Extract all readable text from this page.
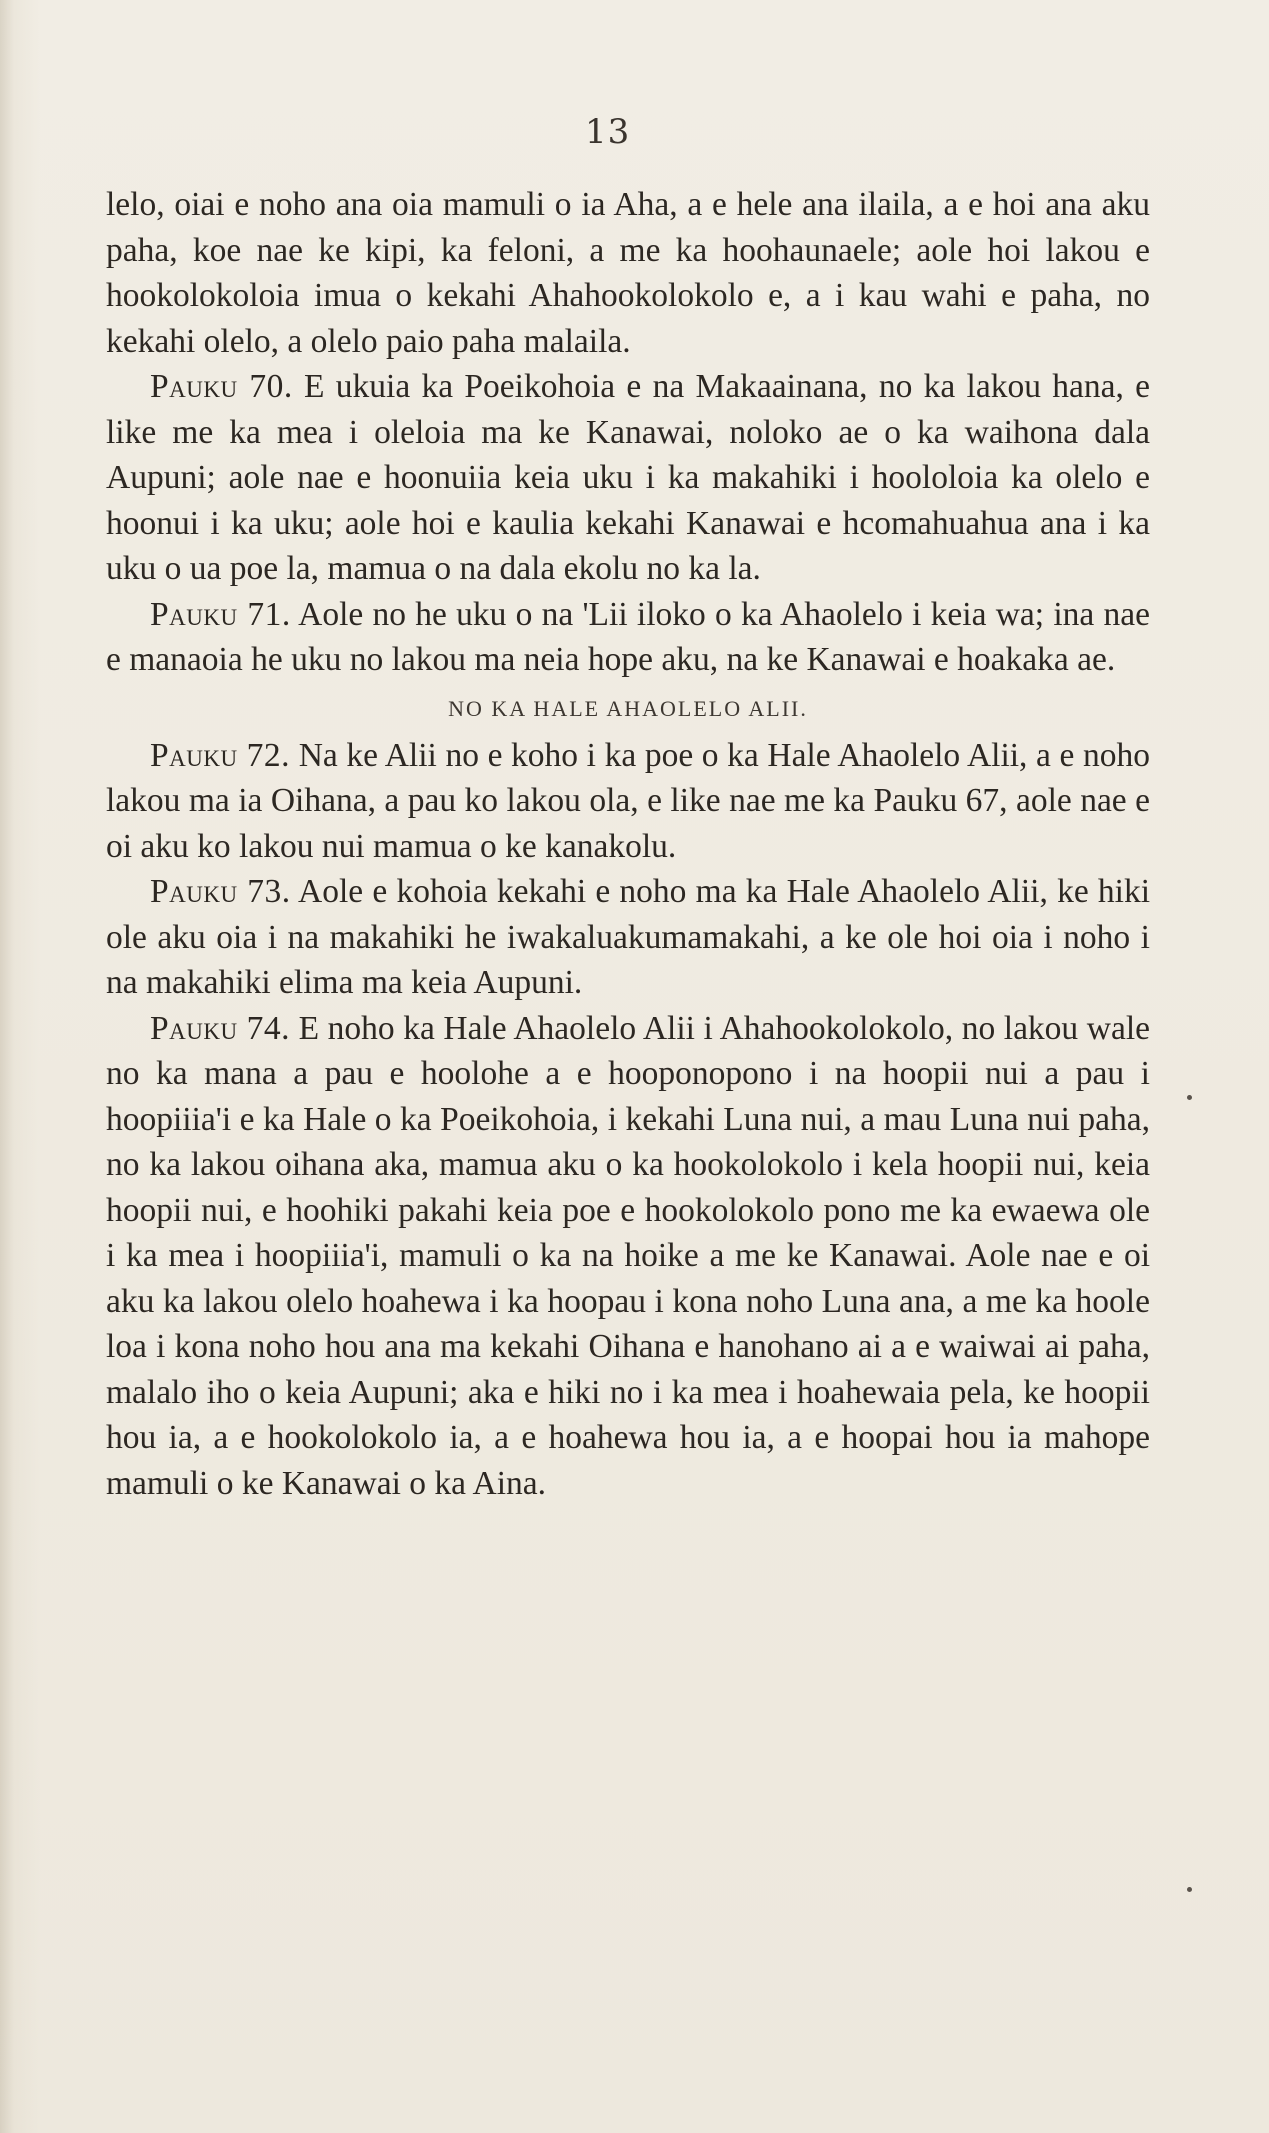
13

lelo, oiai e noho ana oia mamuli o ia Aha, a e hele ana ilaila, a e hoi ana aku paha, koe nae ke kipi, ka feloni, a me ka hoohaunaele; aole hoi lakou e hookolokoloia imua o kekahi Ahahookolokolo e, a i kau wahi e paha, no kekahi olelo, a olelo paio paha malaila.

Pauku 70. E ukuia ka Poeikohoia e na Makaainana, no ka lakou hana, e like me ka mea i oleloia ma ke Kanawai, noloko ae o ka waihona dala Aupuni; aole nae e hoonuiia keia uku i ka makahiki i hoololoia ka olelo e hoonui i ka uku; aole hoi e kaulia kekahi Kanawai e hcomahuahua ana i ka uku o ua poe la, mamua o na dala ekolu no ka la.

Pauku 71. Aole no he uku o na 'Lii iloko o ka Ahaolelo i keia wa; ina nae e manaoia he uku no lakou ma neia hope aku, na ke Kanawai e hoakaka ae.

NO KA HALE AHAOLELO ALII.

Pauku 72. Na ke Alii no e koho i ka poe o ka Hale Ahaolelo Alii, a e noho lakou ma ia Oihana, a pau ko lakou ola, e like nae me ka Pauku 67, aole nae e oi aku ko lakou nui mamua o ke kanakolu.

Pauku 73. Aole e kohoia kekahi e noho ma ka Hale Ahaolelo Alii, ke hiki ole aku oia i na makahiki he iwakaluakumamakahi, a ke ole hoi oia i noho i na makahiki elima ma keia Aupuni.

Pauku 74. E noho ka Hale Ahaolelo Alii i Ahahookolokolo, no lakou wale no ka mana a pau e hoolohe a e hooponopono i na hoopii nui a pau i hoopiiia'i e ka Hale o ka Poeikohoia, i kekahi Luna nui, a mau Luna nui paha, no ka lakou oihana aka, mamua aku o ka hookolokolo i kela hoopii nui, keia hoopii nui, e hoohiki pakahi keia poe e hookolokolo pono me ka ewaewa ole i ka mea i hoopiiia'i, mamuli o ka na hoike a me ke Kanawai. Aole nae e oi aku ka lakou olelo hoahewa i ka hoopau i kona noho Luna ana, a me ka hoole loa i kona noho hou ana ma kekahi Oihana e hanohano ai a e waiwai ai paha, malalo iho o keia Aupuni; aka e hiki no i ka mea i hoahewaia pela, ke hoopii hou ia, a e hookolokolo ia, a e hoahewa hou ia, a e hoopai hou ia mahope mamuli o ke Kanawai o ka Aina.
